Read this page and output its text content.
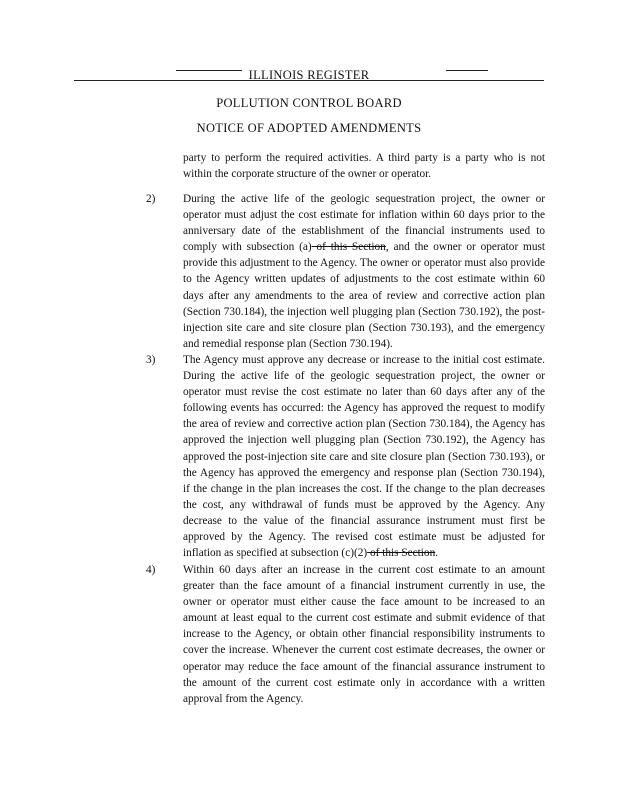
ILLINOIS REGISTER
POLLUTION CONTROL BOARD
NOTICE OF ADOPTED AMENDMENTS
party to perform the required activities. A third party is a party who is not within the corporate structure of the owner or operator.
2) During the active life of the geologic sequestration project, the owner or operator must adjust the cost estimate for inflation within 60 days prior to the anniversary date of the establishment of the financial instruments used to comply with subsection (a) of this Section, and the owner or operator must provide this adjustment to the Agency. The owner or operator must also provide to the Agency written updates of adjustments to the cost estimate within 60 days after any amendments to the area of review and corrective action plan (Section 730.184), the injection well plugging plan (Section 730.192), the post-injection site care and site closure plan (Section 730.193), and the emergency and remedial response plan (Section 730.194).
3) The Agency must approve any decrease or increase to the initial cost estimate. During the active life of the geologic sequestration project, the owner or operator must revise the cost estimate no later than 60 days after any of the following events has occurred: the Agency has approved the request to modify the area of review and corrective action plan (Section 730.184), the Agency has approved the injection well plugging plan (Section 730.192), the Agency has approved the post-injection site care and site closure plan (Section 730.193), or the Agency has approved the emergency and response plan (Section 730.194), if the change in the plan increases the cost. If the change to the plan decreases the cost, any withdrawal of funds must be approved by the Agency. Any decrease to the value of the financial assurance instrument must first be approved by the Agency. The revised cost estimate must be adjusted for inflation as specified at subsection (c)(2) of this Section.
4) Within 60 days after an increase in the current cost estimate to an amount greater than the face amount of a financial instrument currently in use, the owner or operator must either cause the face amount to be increased to an amount at least equal to the current cost estimate and submit evidence of that increase to the Agency, or obtain other financial responsibility instruments to cover the increase. Whenever the current cost estimate decreases, the owner or operator may reduce the face amount of the financial assurance instrument to the amount of the current cost estimate only in accordance with a written approval from the Agency.
